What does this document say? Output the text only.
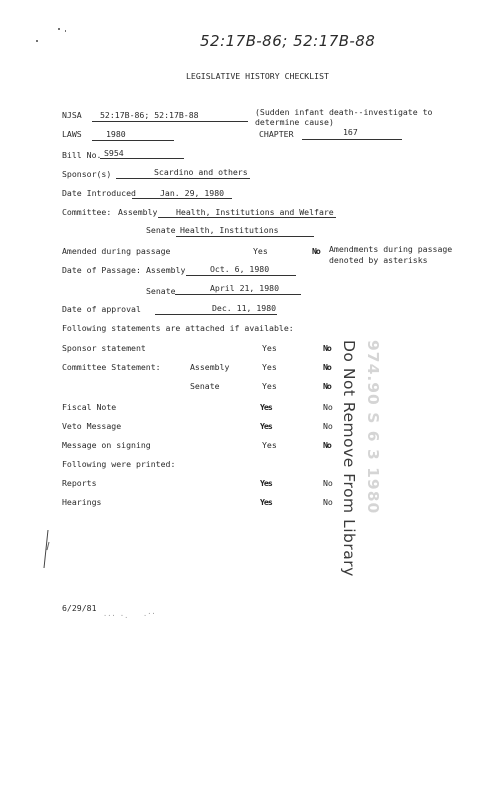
52:17B-86; 52:17B-88
LEGISLATIVE HISTORY CHECKLIST
NJSA 52:17B-86; 52:17B-88	(Sudden infant death--investigate to
determine cause)
LAWS	1980	CHAPTER	167
Bill No. S954
Sponsor(s)	Scardino and others
Date Introduced	Jan. 29, 1980
Committee: Assembly Health, Institutions and Welfare
Senate Health, Institutions
Amended during passage	Yes	No Amendments during passage
denoted by asterisks
Date of Passage: Assembly	Oct. 6, 1980
Senate	April 21, 1980
Date of approval	Dec. 11, 1980
Following statements are attached if available:
Sponsor statement	Yes	No
Committee Statement:	Assembly	Yes	No
Senate	Yes	No
Fiscal Note	Yes	No
Veto Message	Yes	No
Message on signing	Yes	No
Following were printed:
Reports	Yes	No
Hearings	Yes	No Do Not Remove From Library 974.90 S 6 3 1980
6/29/81
··· ·. .··
